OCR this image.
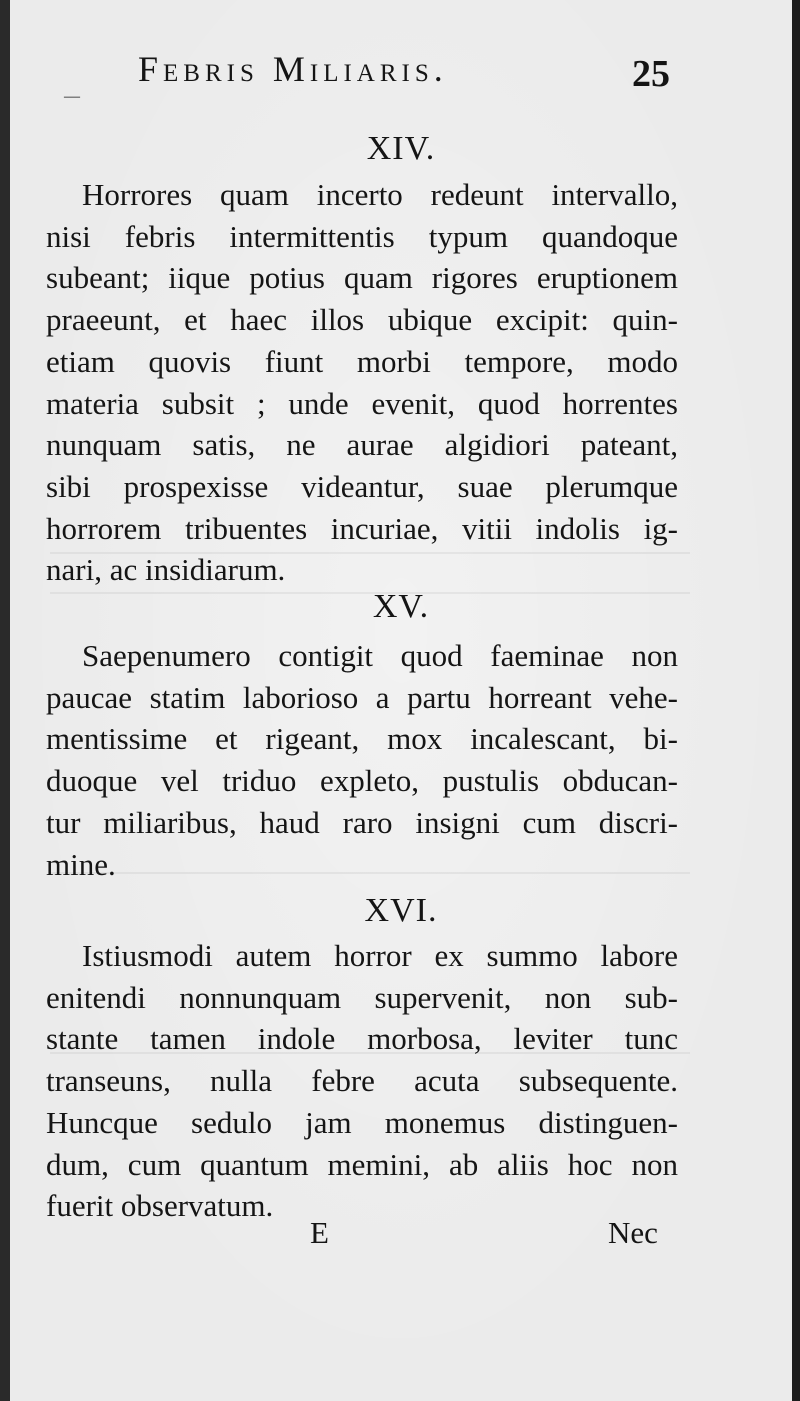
—
Febris Miliaris.	25
XIV.
Horrores quam incerto redeunt intervallo,
nisi febris intermittentis typum quandoque
subeant; iique potius quam rigores eruptionem
praeeunt, et haec illos ubique excipit: quin-
etiam quovis fiunt morbi tempore, modo
materia subsit ; unde evenit, quod horrentes
nunquam satis, ne aurae algidiori pateant,
sibi prospexisse videantur, suae plerumque
horrorem tribuentes incuriae, vitii indolis ig-
nari, ac insidiarum.
XV.
Saepenumero contigit quod faeminae non
paucae statim laborioso a partu horreant vehe-
mentissime et rigeant, mox incalescant, bi-
duoque vel triduo expleto, pustulis obducan-
tur miliaribus, haud raro insigni cum discri-
mine.
XVI.
Istiusmodi autem horror ex summo labore
enitendi nonnunquam supervenit, non sub-
stante tamen indole morbosa, leviter tunc
transeuns, nulla febre acuta subsequente.
Huncque sedulo jam monemus distinguen-
dum, cum quantum memini, ab aliis hoc non
fuerit observatum.
E	Nec
